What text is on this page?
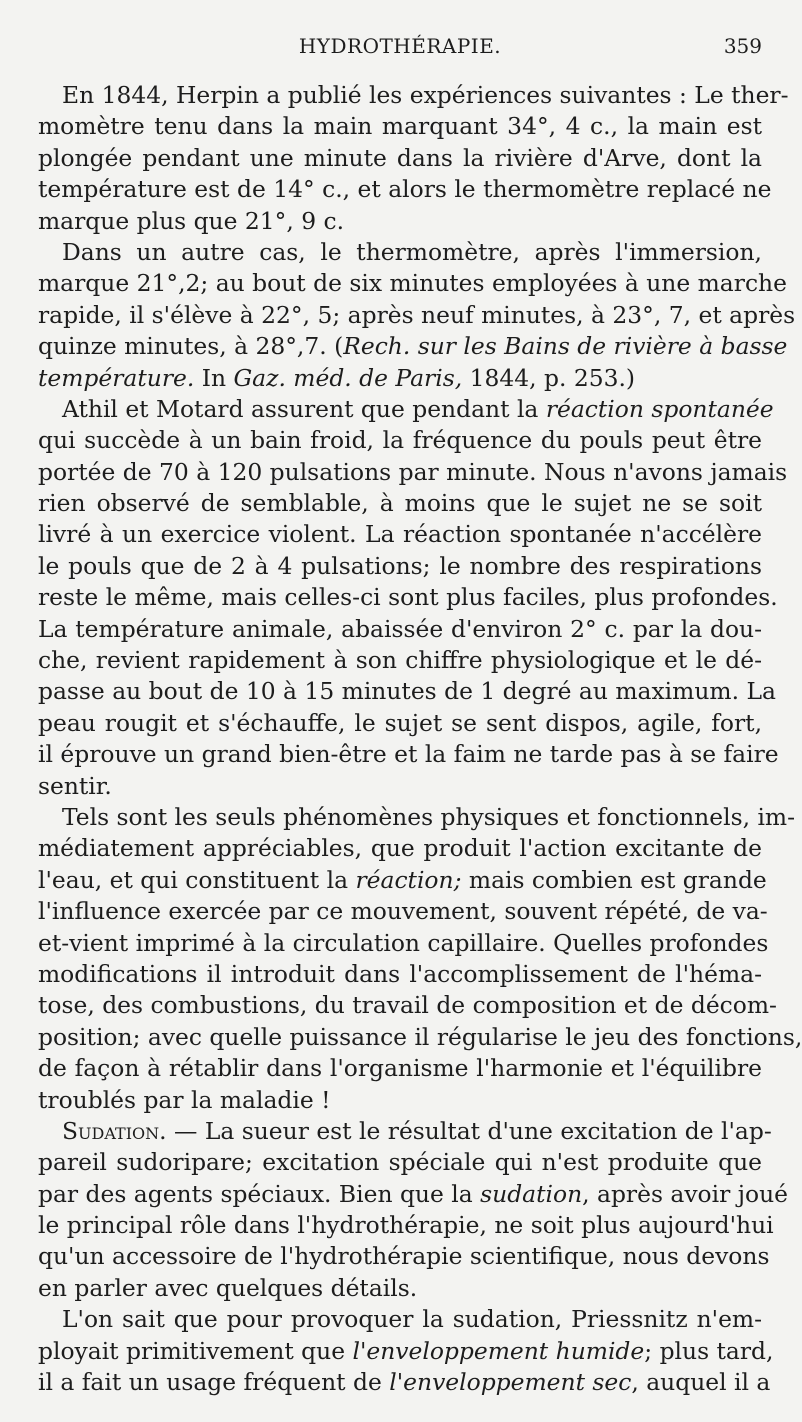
HYDROTHÉRAPIE.	359
En 1844, Herpin a publié les expériences suivantes : Le ther-
momètre tenu dans la main marquant 34°, 4 c., la main est
plongée pendant une minute dans la rivière d'Arve, dont la
température est de 14° c., et alors le thermomètre replacé ne
marque plus que 21°, 9 c.
Dans un autre cas, le thermomètre, après l'immersion,
marque 21°,2; au bout de six minutes employées à une marche
rapide, il s'élève à 22°, 5; après neuf minutes, à 23°, 7, et après
quinze minutes, à 28°,7. (Rech. sur les Bains de rivière à basse
température. In Gaz. méd. de Paris, 1844, p. 253.)
Athil et Motard assurent que pendant la réaction spontanée
qui succède à un bain froid, la fréquence du pouls peut être
portée de 70 à 120 pulsations par minute. Nous n'avons jamais
rien observé de semblable, à moins que le sujet ne se soit
livré à un exercice violent. La réaction spontanée n'accélère
le pouls que de 2 à 4 pulsations; le nombre des respirations
reste le même, mais celles-ci sont plus faciles, plus profondes.
La température animale, abaissée d'environ 2° c. par la dou-
che, revient rapidement à son chiffre physiologique et le dé-
passe au bout de 10 à 15 minutes de 1 degré au maximum. La
peau rougit et s'échauffe, le sujet se sent dispos, agile, fort,
il éprouve un grand bien-être et la faim ne tarde pas à se faire
sentir.
Tels sont les seuls phénomènes physiques et fonctionnels, im-
médiatement appréciables, que produit l'action excitante de
l'eau, et qui constituent la réaction; mais combien est grande
l'influence exercée par ce mouvement, souvent répété, de va-
et-vient imprimé à la circulation capillaire. Quelles profondes
modifications il introduit dans l'accomplissement de l'héma-
tose, des combustions, du travail de composition et de décom-
position; avec quelle puissance il régularise le jeu des fonctions,
de façon à rétablir dans l'organisme l'harmonie et l'équilibre
troublés par la maladie !
Sudation. — La sueur est le résultat d'une excitation de l'ap-
pareil sudoripare; excitation spéciale qui n'est produite que
par des agents spéciaux. Bien que la sudation, après avoir joué
le principal rôle dans l'hydrothérapie, ne soit plus aujourd'hui
qu'un accessoire de l'hydrothérapie scientifique, nous devons
en parler avec quelques détails.
L'on sait que pour provoquer la sudation, Priessnitz n'em-
ployait primitivement que l'enveloppement humide; plus tard,
il a fait un usage fréquent de l'enveloppement sec, auquel il a
